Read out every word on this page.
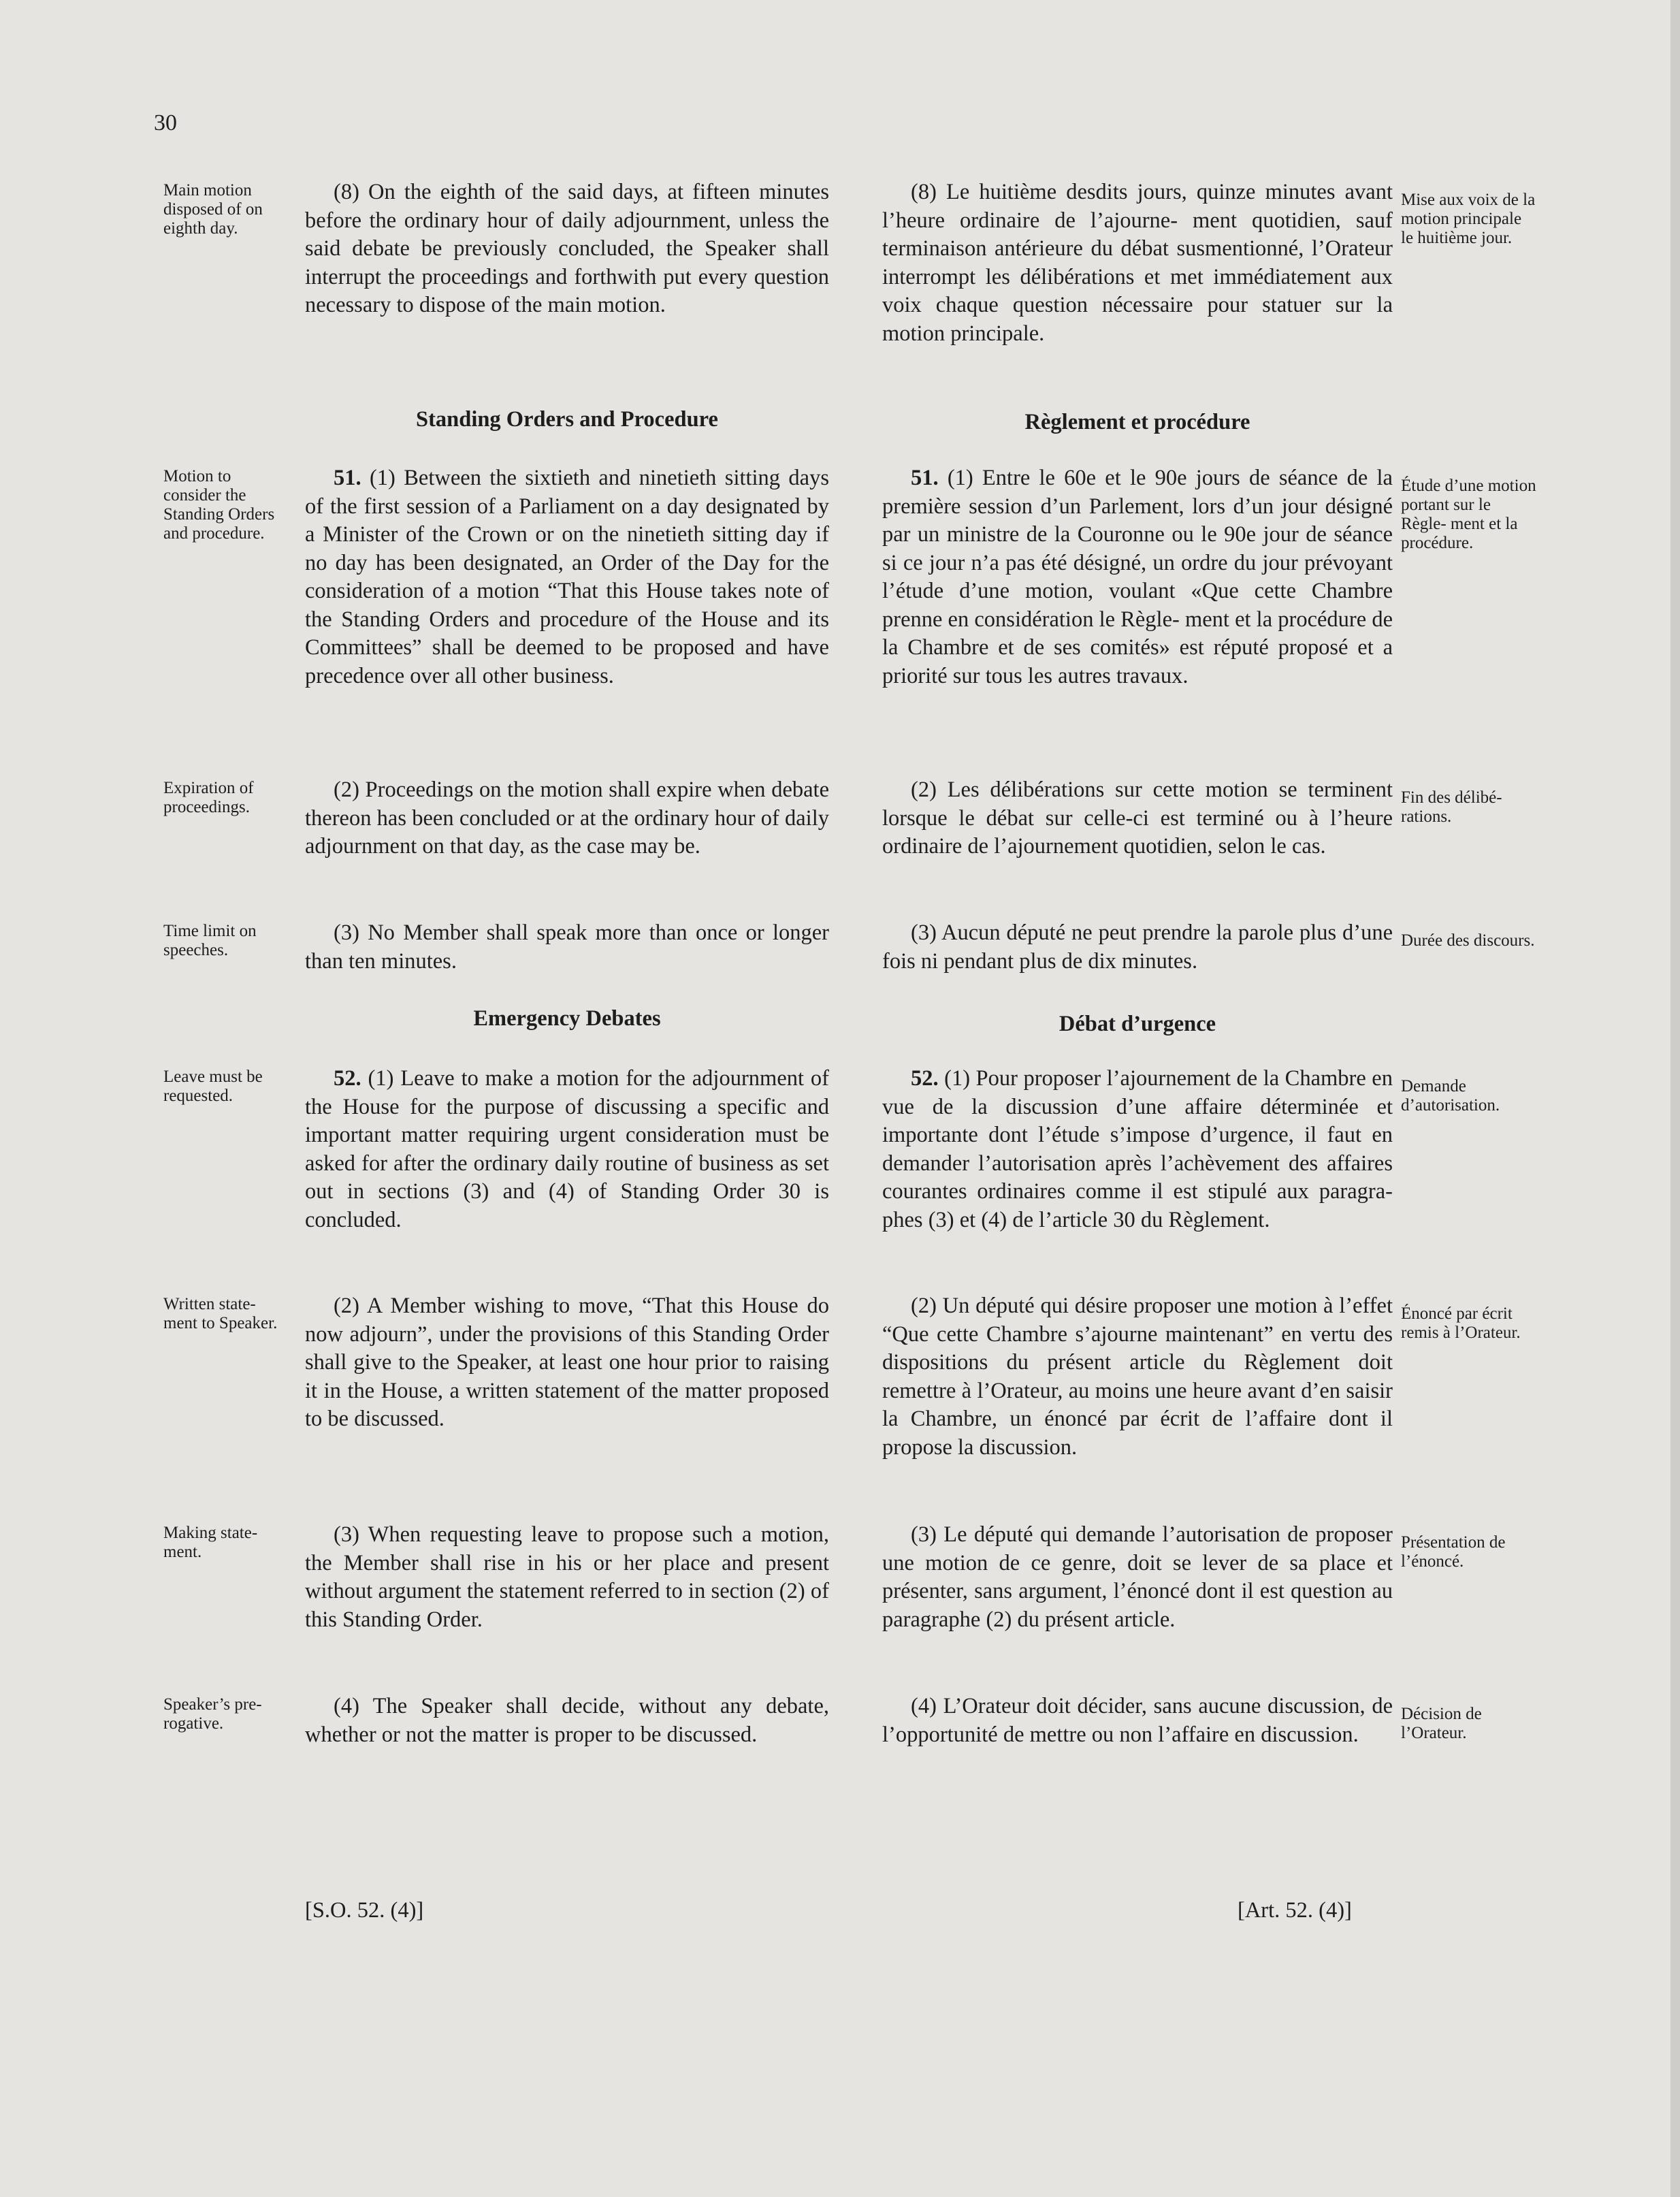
30
Main motion disposed of on eighth day.
Motion to consider the Standing Orders and procedure.
Expiration of proceedings.
Time limit on speeches.
Leave must be requested.
Written state- ment to Speaker.
Making state- ment.
Speaker’s pre- rogative.
Mise aux voix de la motion principale le huitième jour.
Étude d’une motion portant sur le Règle- ment et la procédure.
Fin des délibé- rations.
Durée des discours.
Demande d’autorisation.
Énoncé par écrit remis à l’Orateur.
Présentation de l’énoncé.
Décision de l’Orateur.

(8) On the eighth of the said days, at fifteen minutes before the ordinary hour of daily adjournment, unless the said debate be previously concluded, the Speaker shall interrupt the proceedings and forthwith put every question necessary to dispose of the main motion.

Standing Orders and Procedure

51. (1) Between the sixtieth and ninetieth sitting days of the first session of a Parliament on a day designated by a Minister of the Crown or on the ninetieth sitting day if no day has been designated, an Order of the Day for the consideration of a motion “That this House takes note of the Standing Orders and procedure of the House and its Committees” shall be deemed to be proposed and have precedence over all other business.

(2) Proceedings on the motion shall expire when debate thereon has been concluded or at the ordinary hour of daily adjournment on that day, as the case may be.

(3) No Member shall speak more than once or longer than ten minutes.

Emergency Debates

52. (1) Leave to make a motion for the adjournment of the House for the purpose of discussing a specific and important matter requiring urgent consideration must be asked for after the ordinary daily routine of business as set out in sections (3) and (4) of Standing Order 30 is concluded.

(2) A Member wishing to move, “That this House do now adjourn”, under the provisions of this Standing Order shall give to the Speaker, at least one hour prior to raising it in the House, a written statement of the matter proposed to be discussed.

(3) When requesting leave to propose such a motion, the Member shall rise in his or her place and present without argument the statement referred to in section (2) of this Standing Order.

(4) The Speaker shall decide, without any debate, whether or not the matter is proper to be discussed.

(8) Le huitième desdits jours, quinze minutes avant l’heure ordinaire de l’ajourne- ment quotidien, sauf terminaison antérieure du débat susmentionné, l’Orateur interrompt les délibérations et met immédiatement aux voix chaque question nécessaire pour statuer sur la motion principale.

Règlement et procédure

51. (1) Entre le 60e et le 90e jours de séance de la première session d’un Parlement, lors d’un jour désigné par un ministre de la Couronne ou le 90e jour de séance si ce jour n’a pas été désigné, un ordre du jour prévoyant l’étude d’une motion, voulant «Que cette Chambre prenne en considération le Règle- ment et la procédure de la Chambre et de ses comités» est réputé proposé et a priorité sur tous les autres travaux.

(2) Les délibérations sur cette motion se terminent lorsque le débat sur celle-ci est terminé ou à l’heure ordinaire de l’ajournement quotidien, selon le cas.

(3) Aucun député ne peut prendre la parole plus d’une fois ni pendant plus de dix minutes.

Débat d’urgence

52. (1) Pour proposer l’ajournement de la Chambre en vue de la discussion d’une affaire déterminée et importante dont l’étude s’impose d’urgence, il faut en demander l’autorisation après l’achèvement des affaires courantes ordinaires comme il est stipulé aux paragra- phes (3) et (4) de l’article 30 du Règlement.

(2) Un député qui désire proposer une motion à l’effet “Que cette Chambre s’ajourne maintenant” en vertu des dispositions du présent article du Règlement doit remettre à l’Orateur, au moins une heure avant d’en saisir la Chambre, un énoncé par écrit de l’affaire dont il propose la discussion.

(3) Le député qui demande l’autorisation de proposer une motion de ce genre, doit se lever de sa place et présenter, sans argument, l’énoncé dont il est question au paragraphe (2) du présent article.

(4) L’Orateur doit décider, sans aucune discussion, de l’opportunité de mettre ou non l’affaire en discussion.

[S.O. 52. (4)]	[Art. 52. (4)]
